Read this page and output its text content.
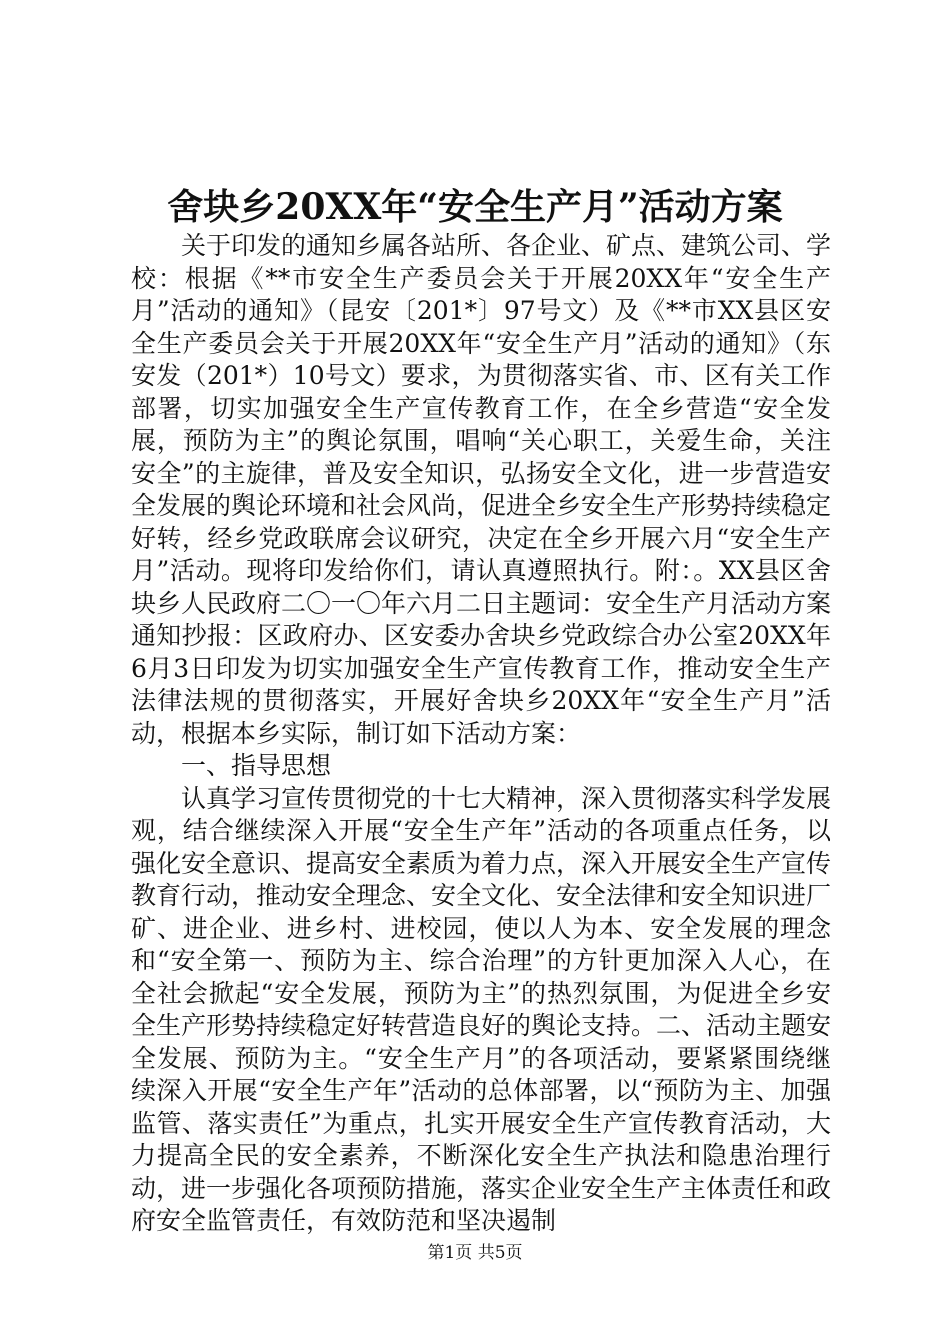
舍块乡20XX年“安全生产月”活动方案

关于印发的通知乡属各站所、各企业、矿点、建筑公司、学校：根据《**市安全生产委员会关于开展20XX年“安全生产月”活动的通知》（昆安〔201*〕97号文）及《**市XX县区安全生产委员会关于开展20XX年“安全生产月”活动的通知》（东安发（201*）10号文）要求，为贯彻落实省、市、区有关工作部署，切实加强安全生产宣传教育工作，在全乡营造“安全发展，预防为主”的舆论氛围，唱响“关心职工，关爱生命，关注安全”的主旋律，普及安全知识，弘扬安全文化，进一步营造安全发展的舆论环境和社会风尚，促进全乡安全生产形势持续稳定好转，经乡党政联席会议研究，决定在全乡开展六月“安全生产月”活动。现将印发给你们，请认真遵照执行。附：。XX县区舍块乡人民政府二〇一〇年六月二日主题词：安全生产月活动方案通知抄报：区政府办、区安委办舍块乡党政综合办公室20XX年6月3日印发为切实加强安全生产宣传教育工作，推动安全生产法律法规的贯彻落实，开展好舍块乡20XX年“安全生产月”活动，根据本乡实际，制订如下活动方案：

一、指导思想

认真学习宣传贯彻党的十七大精神，深入贯彻落实科学发展观，结合继续深入开展“安全生产年”活动的各项重点任务，以强化安全意识、提高安全素质为着力点，深入开展安全生产宣传教育行动，推动安全理念、安全文化、安全法律和安全知识进厂矿、进企业、进乡村、进校园，使以人为本、安全发展的理念和“安全第一、预防为主、综合治理”的方针更加深入人心，在全社会掀起“安全发展，预防为主”的热烈氛围，为促进全乡安全生产形势持续稳定好转营造良好的舆论支持。二、活动主题安全发展、预防为主。“安全生产月”的各项活动，要紧紧围绕继续深入开展“安全生产年”活动的总体部署，以“预防为主、加强监管、落实责任”为重点，扎实开展安全生产宣传教育活动，大力提高全民的安全素养，不断深化安全生产执法和隐患治理行动，进一步强化各项预防措施，落实企业安全生产主体责任和政府安全监管责任，有效防范和坚决遏制

第1页 共5页
